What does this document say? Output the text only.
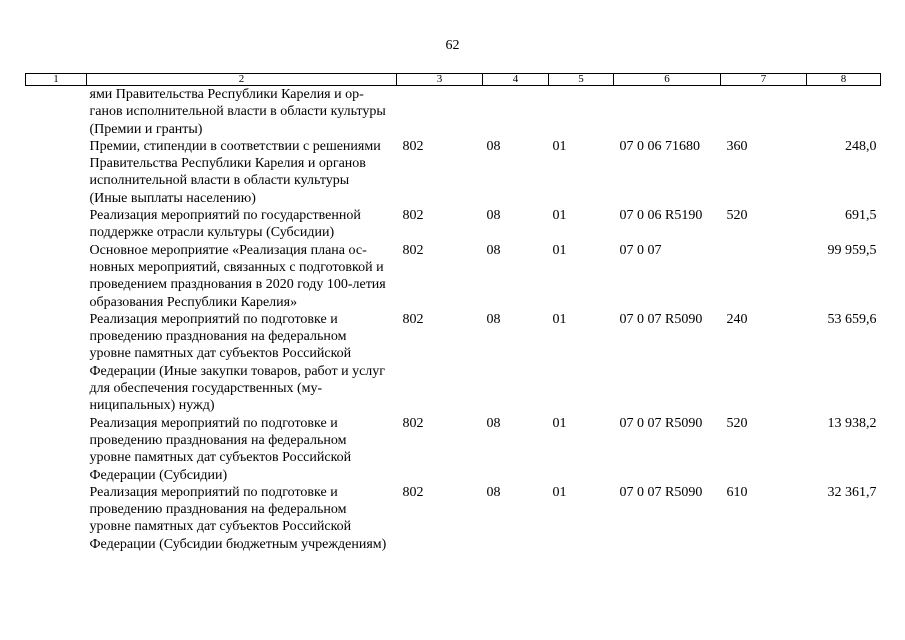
62
1	2	3	4	5	6	7	8
ями Правительства Республики Карелия и органов исполнительной власти в области культуры (Премии и гранты)							
Премии, стипендии в соответствии с решениями Правительства Республики Карелия и органов исполнительной власти в области культуры (Иные выплаты населению)		802	08	01	07 0 06 71680	360	248,0
Реализация мероприятий по государственной поддержке отрасли культуры (Субсидии)		802	08	01	07 0 06 R5190	520	691,5
Основное мероприятие «Реализация плана основных мероприятий, связанных с подготовкой и проведением празднования в 2020 году 100-летия образования Республики Карелия»		802	08	01	07 0 07		99 959,5
Реализация мероприятий по подготовке и проведению празднования на федеральном уровне памятных дат субъектов Российской Федерации (Иные закупки товаров, работ и услуг для обеспечения государственных (муниципальных) нужд)		802	08	01	07 0 07 R5090	240	53 659,6
Реализация мероприятий по подготовке и проведению празднования на федеральном уровне памятных дат субъектов Российской Федерации (Субсидии)		802	08	01	07 0 07 R5090	520	13 938,2
Реализация мероприятий по подготовке и проведению празднования на федеральном уровне памятных дат субъектов Российской Федерации (Субсидии бюджетным учреждениям)		802	08	01	07 0 07 R5090	610	32 361,7
